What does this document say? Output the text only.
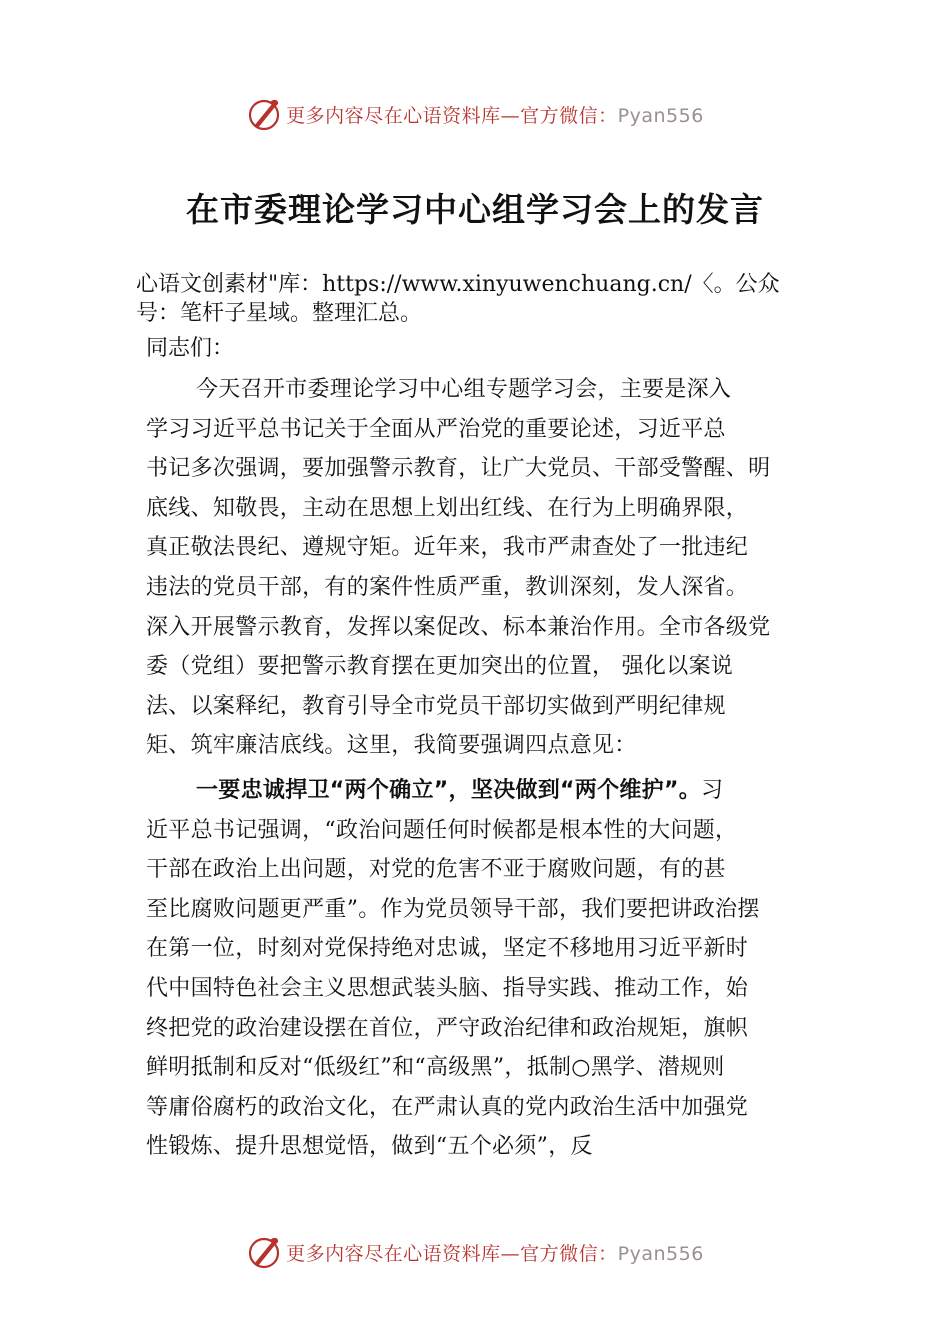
更多内容尽在心语资料库—官方微信：Pyan556
在市委理论学习中心组学习会上的发言
心语文创素材"库：https://www.xinyuwenchuang.cn/〈。公众
号：笔杆子星域。整理汇总。
同志们：
今天召开市委理论学习中心组专题学习会，主要是深入
学习习近平总书记关于全面从严治党的重要论述，习近平总
书记多次强调，要加强警示教育，让广大党员、干部受警醒、明
底线、知敬畏，主动在思想上划出红线、在行为上明确界限，
真正敬法畏纪、遵规守矩。近年来，我市严肃查处了一批违纪
违法的党员干部，有的案件性质严重，教训深刻，发人深省。
深入开展警示教育，发挥以案促改、标本兼治作用。全市各级党
委（党组）要把警示教育摆在更加突出的位置， 强化以案说
法、以案释纪，教育引导全市党员干部切实做到严明纪律规
矩、筑牢廉洁底线。这里，我简要强调四点意见：
一要忠诚捍卫“两个确立”，坚决做到“两个维护”。习
近平总书记强调，“政治问题任何时候都是根本性的大问题，
干部在政治上出问题，对党的危害不亚于腐败问题，有的甚
至比腐败问题更严重”。作为党员领导干部，我们要把讲政治摆
在第一位，时刻对党保持绝对忠诚，坚定不移地用习近平新时
代中国特色社会主义思想武装头脑、指导实践、推动工作，始
终把党的政治建设摆在首位，严守政治纪律和政治规矩，旗帜
鲜明抵制和反对“低级红”和“高级黑”，抵制○黑学、潜规则
等庸俗腐朽的政治文化，在严肃认真的党内政治生活中加强党
性锻炼、提升思想觉悟，做到“五个必须”，反
更多内容尽在心语资料库—官方微信：Pyan556
